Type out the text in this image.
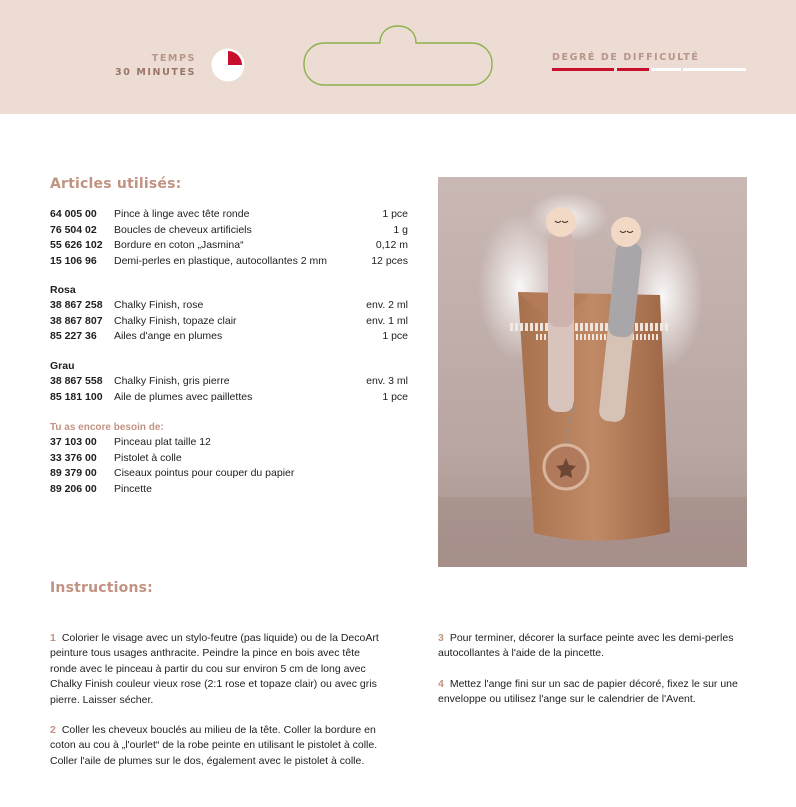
TEMPS
30 MINUTES
DEGRÉ DE DIFFICULTÉ
Articles utilisés:
64 005 00	Pince à linge avec tête ronde	1 pce
76 504 02	Boucles de cheveux artificiels	1 g
55 626 102	Bordure en coton „Jasmina“	0,12 m
15 106 96	Demi-perles en plastique, autocollantes 2 mm	12 pces
Rosa
38 867 258	Chalky Finish, rose	env. 2 ml
38 867 807	Chalky Finish, topaze clair	env. 1 ml
85 227 36	Ailes d'ange en plumes	1 pce
Grau
38 867 558	Chalky Finish, gris pierre	env. 3 ml
85 181 100	Aile de plumes avec paillettes	1 pce
Tu as encore besoin de:
37 103 00	Pinceau plat taille 12
33 376 00	Pistolet à colle
89 379 00	Ciseaux pointus pour couper du papier
89 206 00	Pincette
Instructions:
1 Colorier le visage avec un stylo-feutre (pas liquide) ou de la DecoArt peinture tous usages anthracite. Peindre la pince en bois avec tête ronde avec le pinceau à partir du cou sur environ 5 cm de long avec Chalky Finish couleur vieux rose (2:1 rose et topaze clair) ou avec gris pierre. Laisser sécher.
2 Coller les cheveux bouclés au milieu de la tête. Coller la bordure en coton au cou à „l'ourlet“ de la robe peinte en utilisant le pistolet à colle. Coller l'aile de plumes sur le dos, également avec le pistolet à colle.
3 Pour terminer, décorer la surface peinte avec les demi-perles autocollantes à l'aide de la pincette.
4 Mettez l'ange fini sur un sac de papier décoré, fixez le sur une enveloppe ou utilisez l'ange sur le calendrier de l'Avent.
